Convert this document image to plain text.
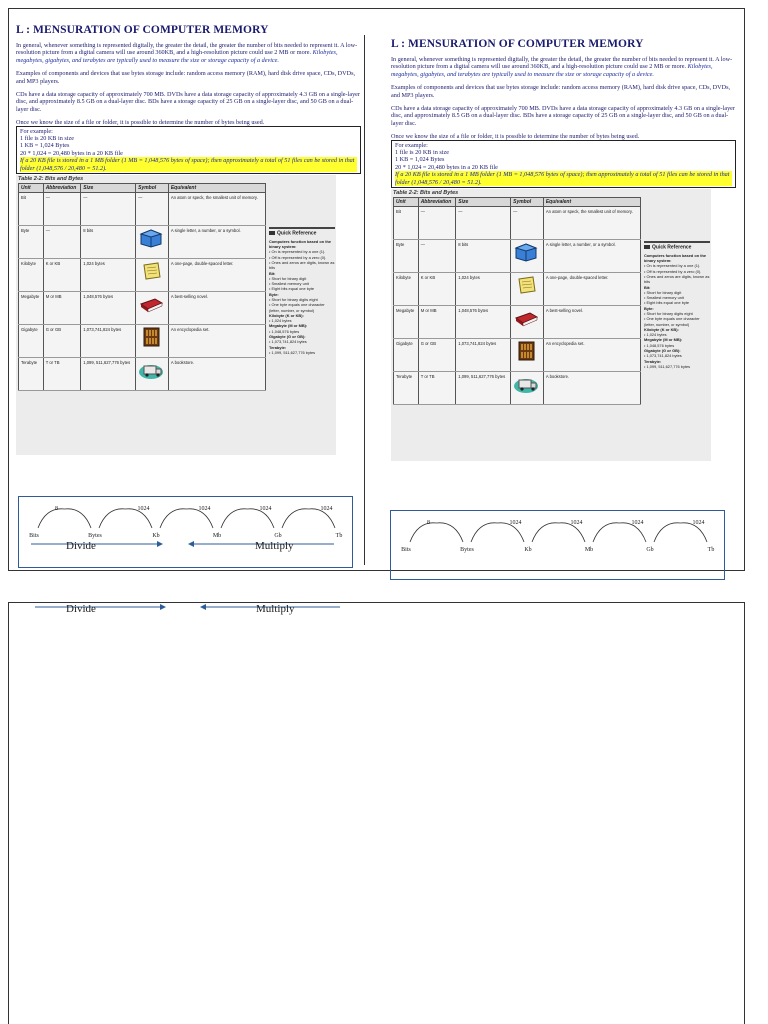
L : MENSURATION OF COMPUTER MEMORY
In general, whenever something is represented digitally, the greater the detail, the greater the number of bits needed to represent it. A low-resolution picture from a digital camera will use around 360KB, and a high-resolution picture could use 2 MB or more. Kilobytes, megabytes, gigabytes, and terabytes are typically used to measure the size or storage capacity of a device.
Examples of components and devices that use bytes storage include: random access memory (RAM), hard disk drive space, CDs, DVDs, and MP3 players.
CDs have a data storage capacity of approximately 700 MB. DVDs have a data storage capacity of approximately 4.3 GB on a single-layer disc, and approximately 8.5 GB on a dual-layer disc. BDs have a storage capacity of 25 GB on a single-layer disc, and 50 GB on a dual-layer disc.
Once we know the size of a file or folder, it is possible to determine the number of bytes being used.
For example:
1 file is 20 KB in size
1 KB = 1,024 Bytes
20 * 1,024 = 20,480 bytes in a 20 KB file
If a 20 KB file is stored in a 1 MB folder (1 MB = 1,048,576 bytes of space); then approximately a total of 51 files can be stored in that folder (1,048,576 / 20,480 = 51.2).
Table 2-2: Bits and Bytes
Unit	Abbreviation	Size	Symbol	Equivalent
Bit	—	—	—	An atom or speck, the smallest unit of memory.
Byte	—	8 bits		A single letter, a number, or a symbol.
Kilobyte	K or KB	1,024 bytes		A one-page, double-spaced letter.
Megabyte	M or MB	1,048,576 bytes		A best-selling novel.
Gigabyte	G or GB	1,073,741,824 bytes		An encyclopedia set.
Terabyte	T or TB	1,099, 511,627,776 bytes		A bookstore.
Quick Reference
Computers function based on the binary system:
• On is represented by a one (1).
• Off is represented by a zero (0).
• Ones and zeros are digits, known as bits
Bit:
• Short for binary digit
• Smallest memory unit
• Eight bits equal one byte
Byte:
• Short for binary digits eight
• One byte equals one character (letter, number, or symbol)
Kilobyte (K or KB):
• 1,024 bytes
Megabyte (M or MB):
• 1,048,576 bytes
Gigabyte (G or GB):
• 1,073,741,824 bytes
Terabyte:
• 1,099, 511,627,776 bytes
L : MENSURATION OF COMPUTER MEMORY
In general, whenever something is represented digitally, the greater the detail, the greater the number of bits needed to represent it. A low-resolution picture from a digital camera will use around 360KB, and a high-resolution picture could use 2 MB or more. Kilobytes, megabytes, gigabytes, and terabytes are typically used to measure the size or storage capacity of a device.
Examples of components and devices that use bytes storage include: random access memory (RAM), hard disk drive space, CDs, DVDs, and MP3 players.
CDs have a data storage capacity of approximately 700 MB. DVDs have a data storage capacity of approximately 4.3 GB on a single-layer disc, and approximately 8.5 GB on a dual-layer disc. BDs have a storage capacity of 25 GB on a single-layer disc, and 50 GB on a dual-layer disc.
Once we know the size of a file or folder, it is possible to determine the number of bytes being used.
For example:
1 file is 20 KB in size
1 KB = 1,024 Bytes
20 * 1,024 = 20,480 bytes in a 20 KB file
If a 20 KB file is stored in a 1 MB folder (1 MB = 1,048,576 bytes of space); then approximately a total of 51 files can be stored in that folder (1,048,576 / 20,480 = 51.2).
Table 2-2: Bits and Bytes
Unit	Abbreviation	Size	Symbol	Equivalent
Bit	—	—	—	An atom or speck, the smallest unit of memory.
Byte	—	8 bits		A single letter, a number, or a symbol.
Kilobyte	K or KB	1,024 bytes		A one-page, double-spaced letter.
Megabyte	M or MB	1,048,576 bytes		A best-selling novel.
Gigabyte	G or GB	1,073,741,824 bytes		An encyclopedia set.
Terabyte	T or TB	1,099, 511,627,776 bytes		A bookstore.
Quick Reference
Computers function based on the binary system:
• On is represented by a one (1).
• Off is represented by a zero (0).
• Ones and zeros are digits, known as bits
Bit:
• Short for binary digit
• Smallest memory unit
• Eight bits equal one byte
Byte:
• Short for binary digits eight
• One byte equals one character (letter, number, or symbol)
Kilobyte (K or KB):
• 1,024 bytes
Megabyte (M or MB):
• 1,048,576 bytes
Gigabyte (G or GB):
• 1,073,741,824 bytes
Terabyte:
• 1,099, 511,627,776 bytes
Bits	Bytes	Kb	Mb	Gb	Tb
8	1024	1024	1024	1024
Divide	Multiply	Bits	Bytes	Kb	Mb	Gb	Tb
8	1024	1024	1024	1024
Divide	Multiply
